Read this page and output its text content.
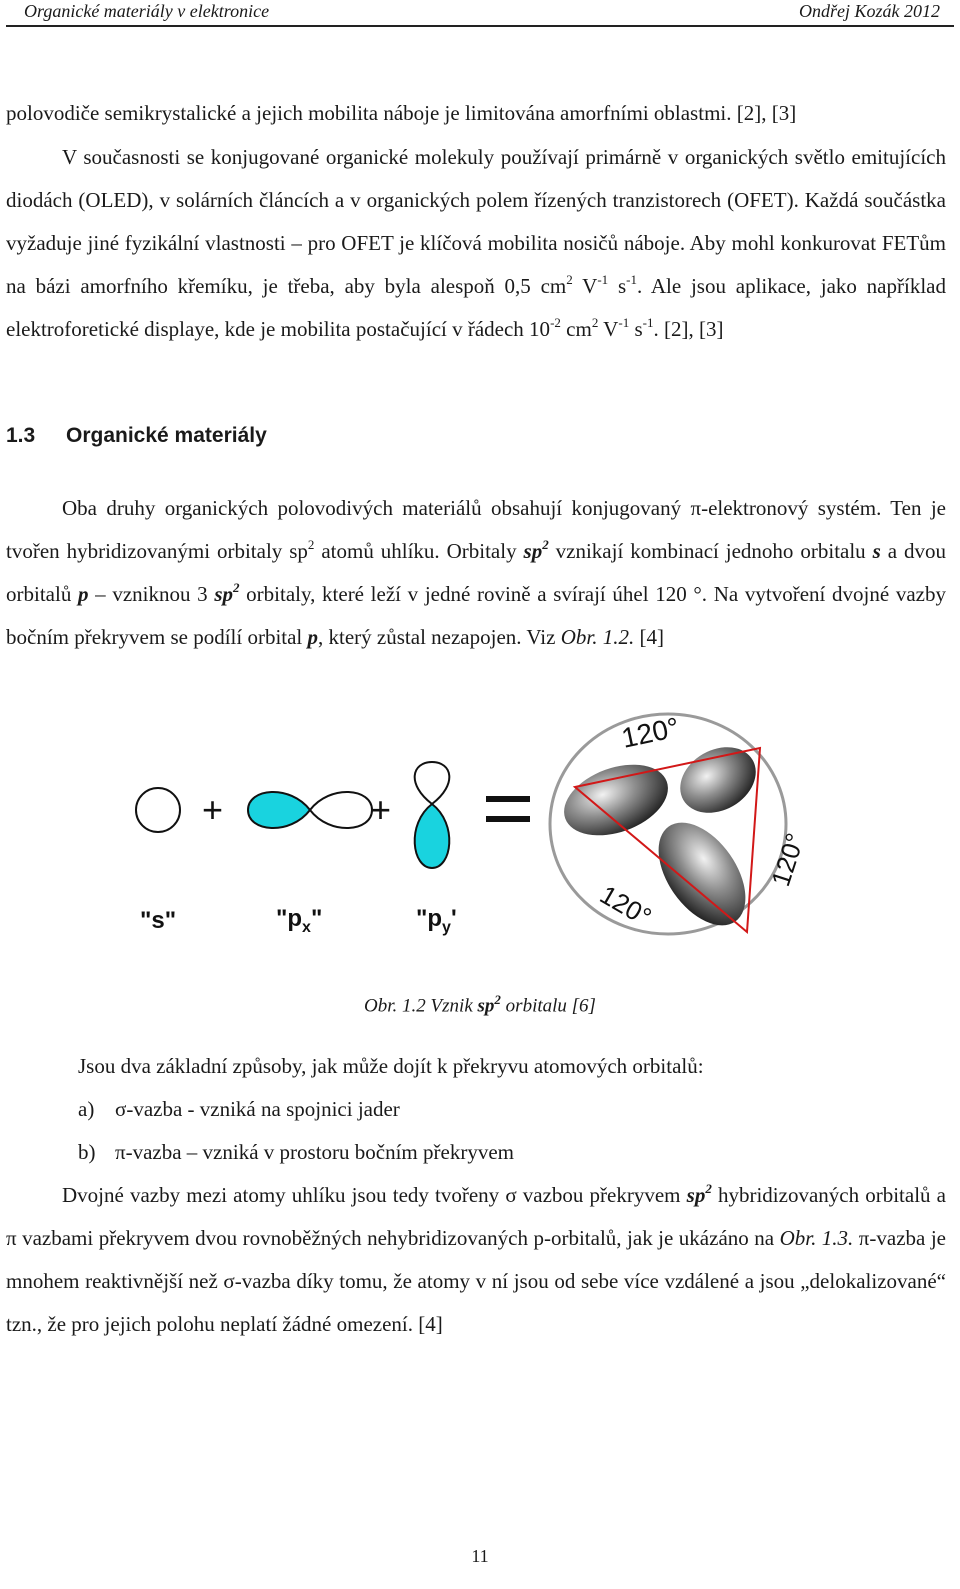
Organické materiály v elektronice	Ondřej Kozák 2012
polovodiče semikrystalické a jejich mobilita náboje je limitována amorfními oblastmi. [2], [3]
V současnosti se konjugované organické molekuly používají primárně v organických světlo emitujících diodách (OLED), v solárních článcích a v organických polem řízených tranzistorech (OFET). Každá součástka vyžaduje jiné fyzikální vlastnosti – pro OFET je klíčová mobilita nosičů náboje. Aby mohl konkurovat FETům na bázi amorfního křemíku, je třeba, aby byla alespoň 0,5 $cm^2$ $V^{-1}$ $s^{-1}$. Ale jsou aplikace, jako například elektroforetické displaye, kde je mobilita postačující v řádech $10^{-2}$ $cm^2$ $V^{-1}$ $s^{-1}$. [2], [3]
1.3 Organické materiály
Oba druhy organických polovodivých materiálů obsahují konjugovaný π-elektronový systém. Ten je tvořen hybridizovanými orbitaly $sp^2$ atomů uhlíku. Orbitaly $sp^2$ vznikají kombinací jednoho orbitalu s a dvou orbitalů p – vzniknou 3 $sp^2$ orbitaly, které leží v jedné rovině a svírají úhel 120 °. Na vytvoření dvojné vazby bočním překryvem se podílí orbital p, který zůstal nezapojen. Viz Obr. 1.2. [4]
+	+
120°
120°
120°
"s"	"$p_x$"	"$p_y'$
Obr. 1.2 Vznik $sp^2$ orbitalu [6]
Jsou dva základní způsoby, jak může dojít k překryvu atomových orbitalů:
a) σ-vazba - vzniká na spojnici jader
b) π-vazba – vzniká v prostoru bočním překryvem
Dvojné vazby mezi atomy uhlíku jsou tedy tvořeny σ vazbou překryvem $sp^2$ hybridizovaných orbitalů a π vazbami překryvem dvou rovnoběžných nehybridizovaných p-orbitalů, jak je ukázáno na Obr. 1.3. π-vazba je mnohem reaktivnější než σ-vazba díky tomu, že atomy v ní jsou od sebe více vzdálené a jsou „delokalizované“ tzn., že pro jejich polohu neplatí žádné omezení. [4]
11
